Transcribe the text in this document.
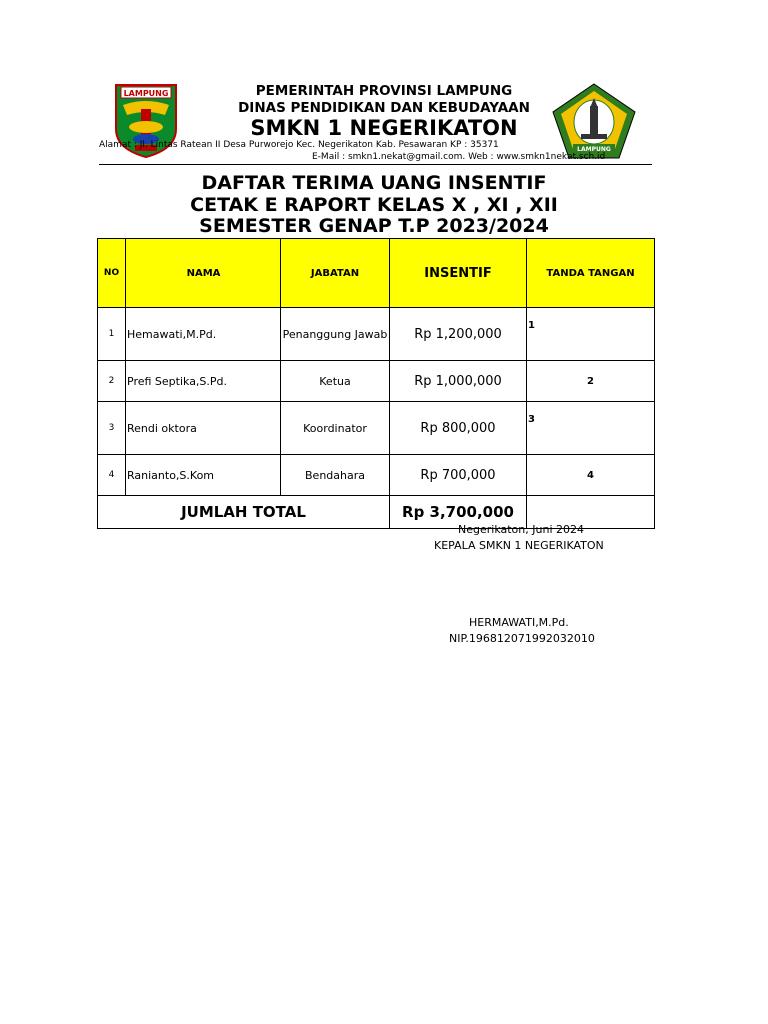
LAMPUNG
LAMPUNG
PEMERINTAH PROVINSI LAMPUNG
DINAS PENDIDIKAN DAN KEBUDAYAAN
SMKN 1 NEGERIKATON
Alamat : Jl. Lintas Ratean II Desa Purworejo Kec. Negerikaton Kab. Pesawaran KP : 35371
E-Mail : smkn1.nekat@gmail.com. Web : www.smkn1nekat.sch.id
DAFTAR TERIMA UANG INSENTIF
CETAK E RAPORT KELAS X , XI , XII
SEMESTER GENAP T.P 2023/2024
NO	NAMA	JABATAN	INSENTIF	TANDA TANGAN
1	Hemawati,M.Pd.	Penanggung Jawab	Rp 1,200,000	1
2	Prefi Septika,S.Pd.	Ketua	Rp 1,000,000	2
3	Rendi oktora	Koordinator	Rp 800,000	3
4	Ranianto,S.Kom	Bendahara	Rp 700,000	4
JUMLAH TOTAL			Rp 3,700,000	
Negerikaton, Juni 2024
KEPALA SMKN 1 NEGERIKATON
HERMAWATI,M.Pd.
NIP.196812071992032010
